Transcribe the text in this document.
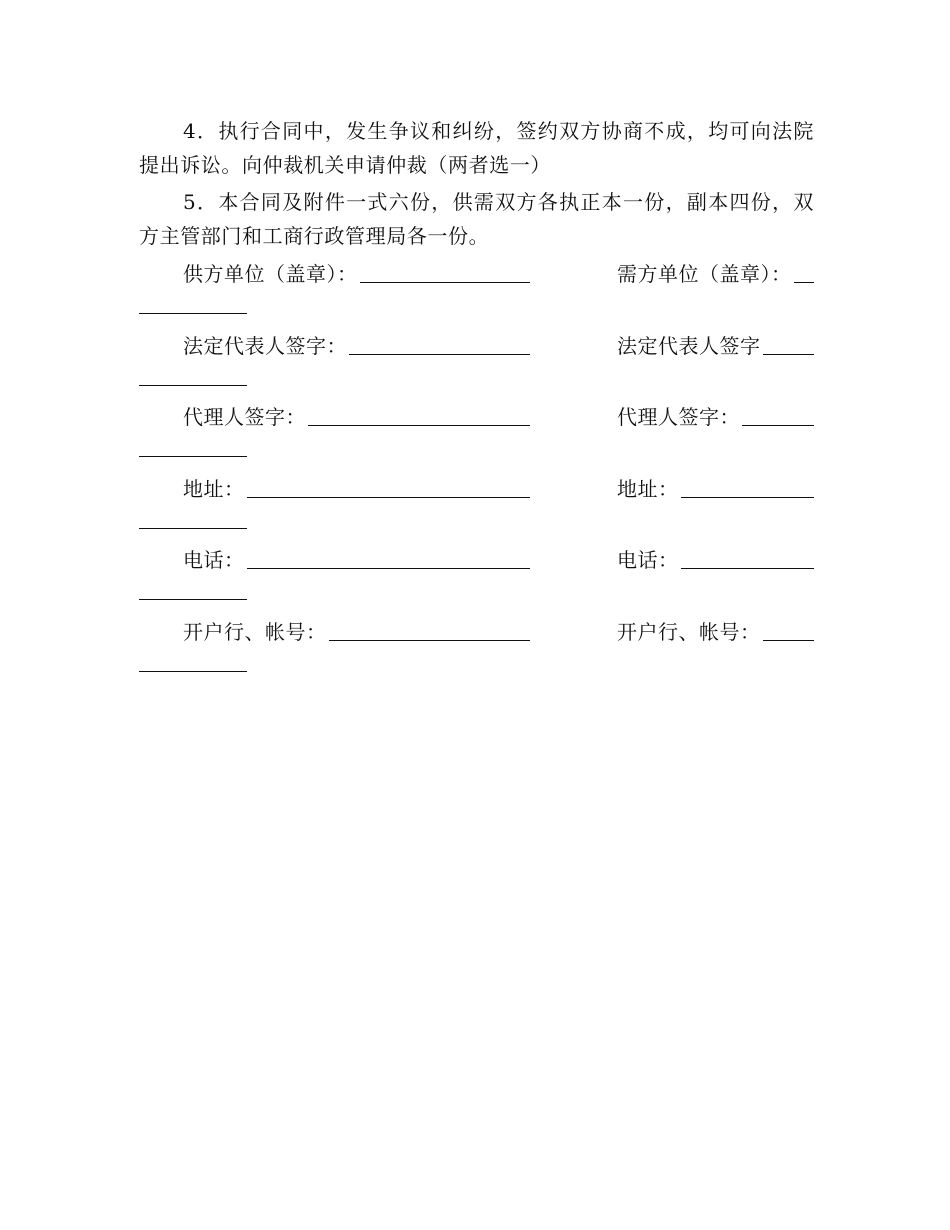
4．执行合同中，发生争议和纠纷，签约双方协商不成，均可向法院提出诉讼。向仲裁机关申请仲裁（两者选一）

5．本合同及附件一式六份，供需双方各执正本一份，副本四份，双方主管部门和工商行政管理局各一份。

供方单位（盖章）：	需方单位（盖章）：
法定代表人签字：	法定代表人签字
代理人签字：	代理人签字：
地址：	地址：
电话：	电话：
开户行、帐号：	开户行、帐号：
